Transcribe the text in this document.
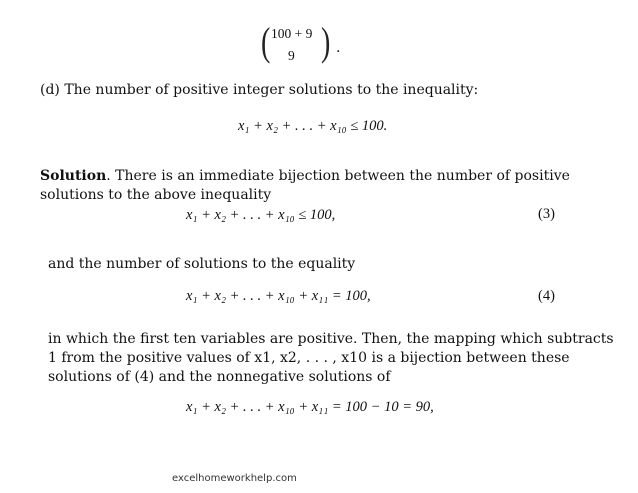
( 100 + 9
9 ) .
(d) The number of positive integer solutions to the inequality:
x₁ + x₂ + . . . + x₁₀ ≤ 100.
Solution. There is an immediate bijection between the number of positive solutions to the above inequality
x₁ + x₂ + . . . + x₁₀ ≤ 100,	(3)
and the number of solutions to the equality
x₁ + x₂ + . . . + x₁₀ + x₁₁ = 100,	(4)
in which the first ten variables are positive. Then, the mapping which subtracts 1 from the positive values of x1, x2, . . . , x10 is a bijection between these solutions of (4) and the nonnegative solutions of
x₁ + x₂ + . . . + x₁₀ + x₁₁ = 100 − 10 = 90,
excelhomeworkhelp.com
